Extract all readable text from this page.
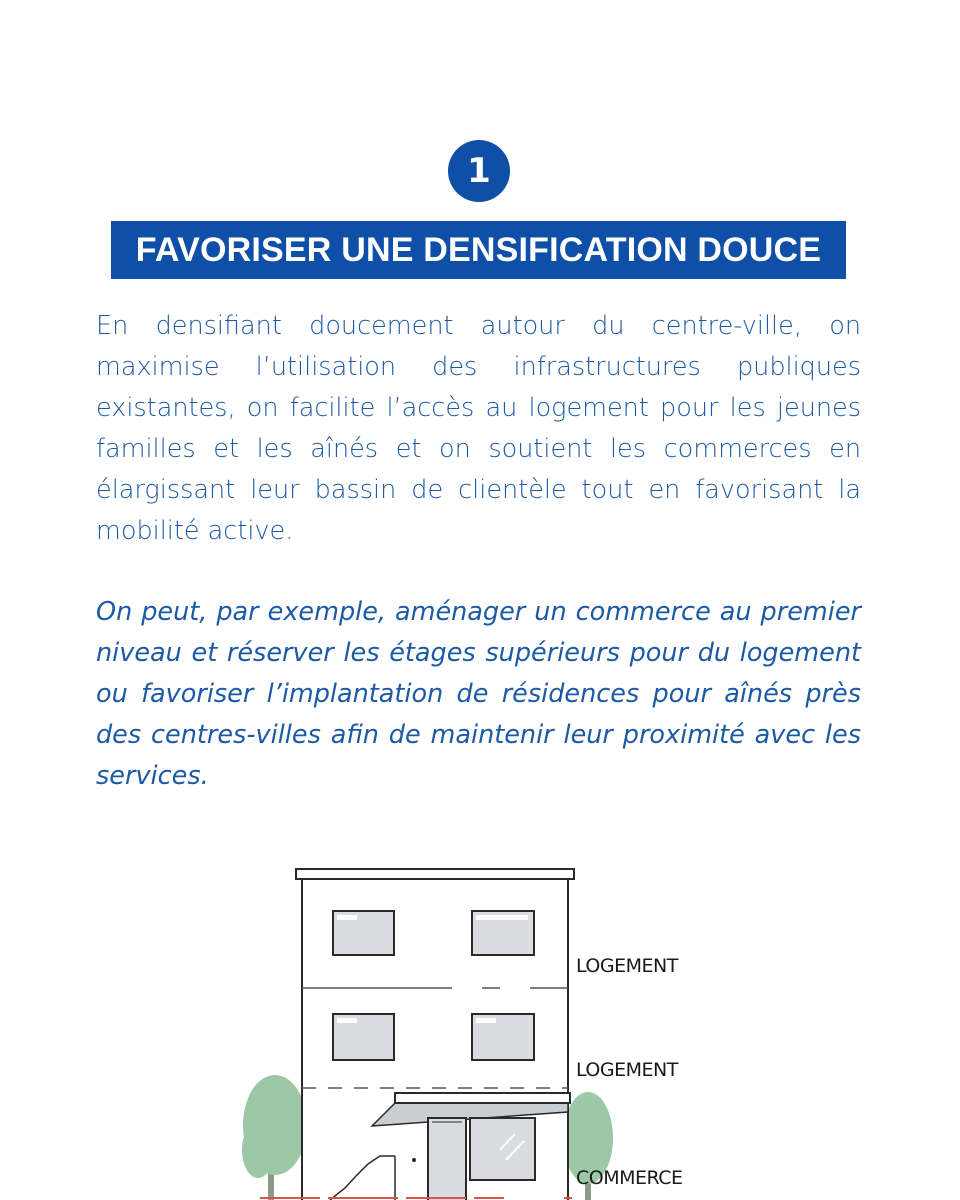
1
FAVORISER UNE DENSIFICATION DOUCE

En densifiant doucement autour du centre-ville, on maximise l’utilisation des infrastructures publiques existantes, on facilite l’accès au logement pour les jeunes familles et les aînés et on soutient les commerces en élargissant leur bassin de clientèle tout en favorisant la mobilité active.

On peut, par exemple, aménager un commerce au premier niveau et réserver les étages supérieurs pour du logement ou favoriser l’implantation de résidences pour aînés près des centres-villes afin de maintenir leur proximité avec les services.

LOGEMENT
LOGEMENT
COMMERCE
